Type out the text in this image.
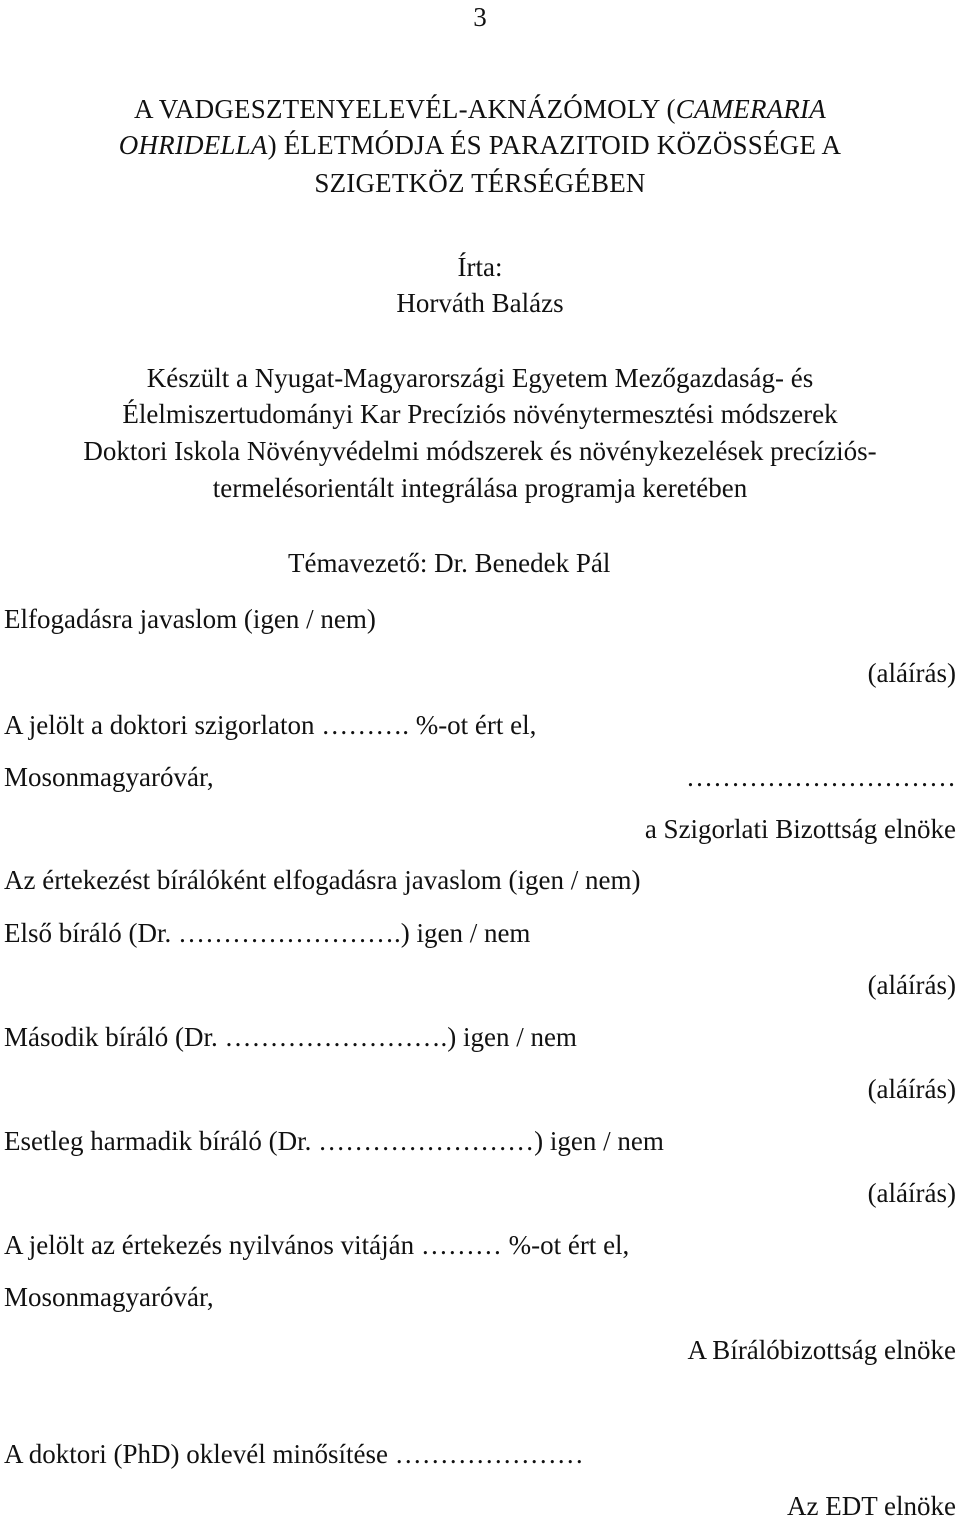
3
A VADGESZTENYELEVÉL-AKNÁZÓMOLY (CAMERARIA
OHRIDELLA) ÉLETMÓDJA ÉS PARAZITOID KÖZÖSSÉGE A
SZIGETKÖZ TÉRSÉGÉBEN
Írta:
Horváth Balázs
Készült a Nyugat-Magyarországi Egyetem Mezőgazdaság- és
Élelmiszertudományi Kar Precíziós növénytermesztési módszerek
Doktori Iskola Növényvédelmi módszerek és növénykezelések precíziós-
termelésorientált integrálása programja keretében
Témavezető: Dr. Benedek Pál
Elfogadásra javaslom (igen / nem)
(aláírás)
A jelölt a doktori szigorlaton ………. %-ot ért el,
Mosonmagyaróvár,	…………………………
a Szigorlati Bizottság elnöke
Az értekezést bírálóként elfogadásra javaslom (igen / nem)
Első bíráló (Dr. …………………….) igen / nem
(aláírás)
Második bíráló (Dr. …………………….) igen / nem
(aláírás)
Esetleg harmadik bíráló (Dr. ……………………) igen / nem
(aláírás)
A jelölt az értekezés nyilvános vitáján ……… %-ot ért el,
Mosonmagyaróvár,
A Bírálóbizottság elnöke
A doktori (PhD) oklevél minősítése …………………
Az EDT elnöke
